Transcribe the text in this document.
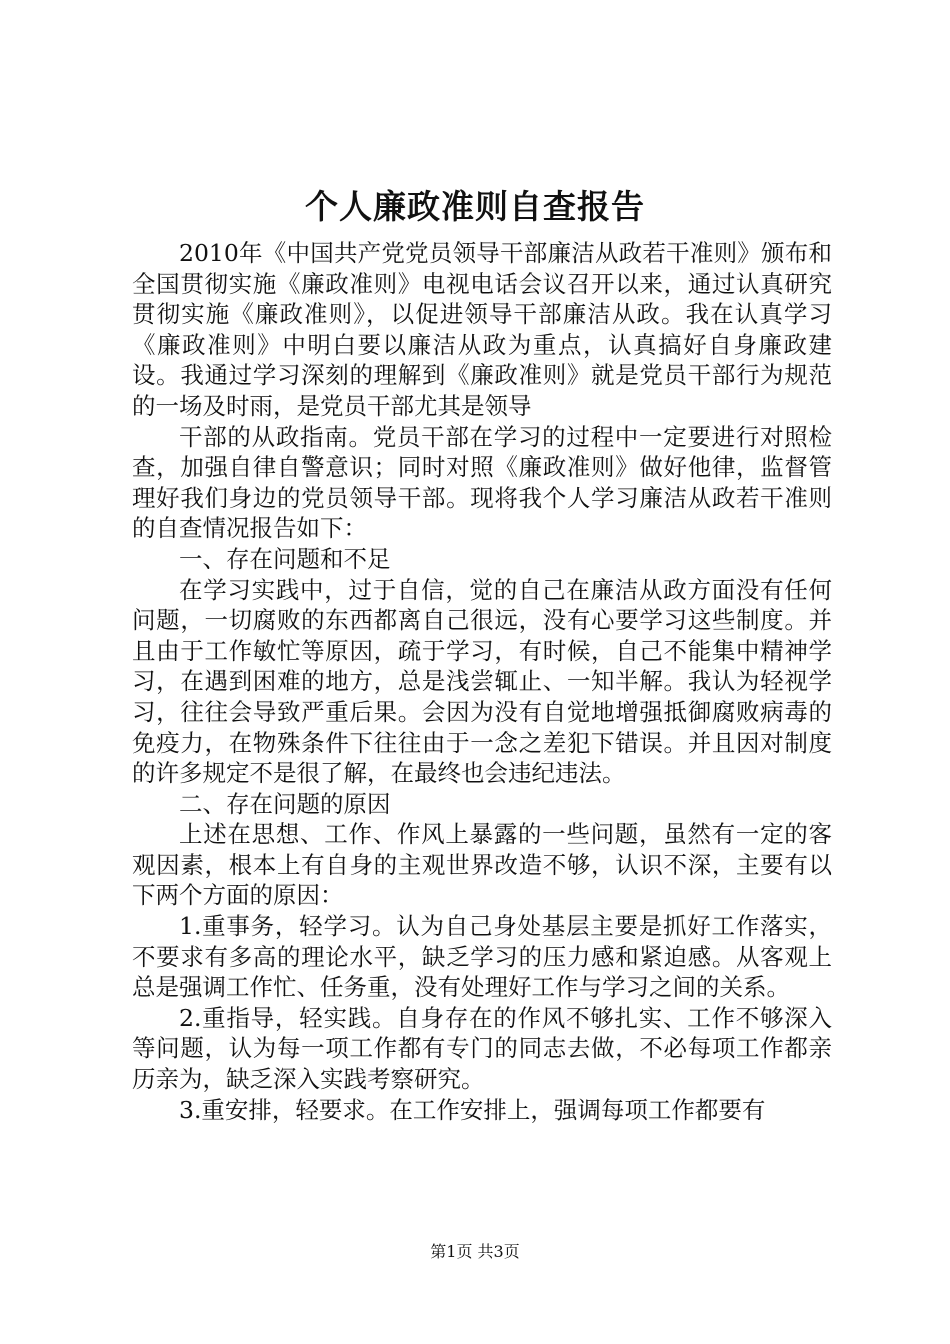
个人廉政准则自查报告

2010年《中国共产党党员领导干部廉洁从政若干准则》颁布和全国贯彻实施《廉政准则》电视电话会议召开以来，通过认真研究贯彻实施《廉政准则》，以促进领导干部廉洁从政。我在认真学习《廉政准则》中明白要以廉洁从政为重点，认真搞好自身廉政建设。我通过学习深刻的理解到《廉政准则》就是党员干部行为规范的一场及时雨，是党员干部尤其是领导

干部的从政指南。党员干部在学习的过程中一定要进行对照检查，加强自律自警意识；同时对照《廉政准则》做好他律，监督管理好我们身边的党员领导干部。现将我个人学习廉洁从政若干准则的自查情况报告如下：

一、存在问题和不足

在学习实践中，过于自信，觉的自己在廉洁从政方面没有任何问题，一切腐败的东西都离自己很远，没有心要学习这些制度。并且由于工作敏忙等原因，疏于学习，有时候，自己不能集中精神学习，在遇到困难的地方，总是浅尝辄止、一知半解。我认为轻视学习，往往会导致严重后果。会因为没有自觉地增强抵御腐败病毒的免疫力，在物殊条件下往往由于一念之差犯下错误。并且因对制度的许多规定不是很了解，在最终也会违纪违法。

二、存在问题的原因

上述在思想、工作、作风上暴露的一些问题，虽然有一定的客观因素，根本上有自身的主观世界改造不够，认识不深，主要有以下两个方面的原因：

1.重事务，轻学习。认为自己身处基层主要是抓好工作落实，不要求有多高的理论水平，缺乏学习的压力感和紧迫感。从客观上总是强调工作忙、任务重，没有处理好工作与学习之间的关系。

2.重指导，轻实践。自身存在的作风不够扎实、工作不够深入等问题，认为每一项工作都有专门的同志去做，不必每项工作都亲历亲为，缺乏深入实践考察研究。

3.重安排，轻要求。在工作安排上，强调每项工作都要有

第1页 共3页
